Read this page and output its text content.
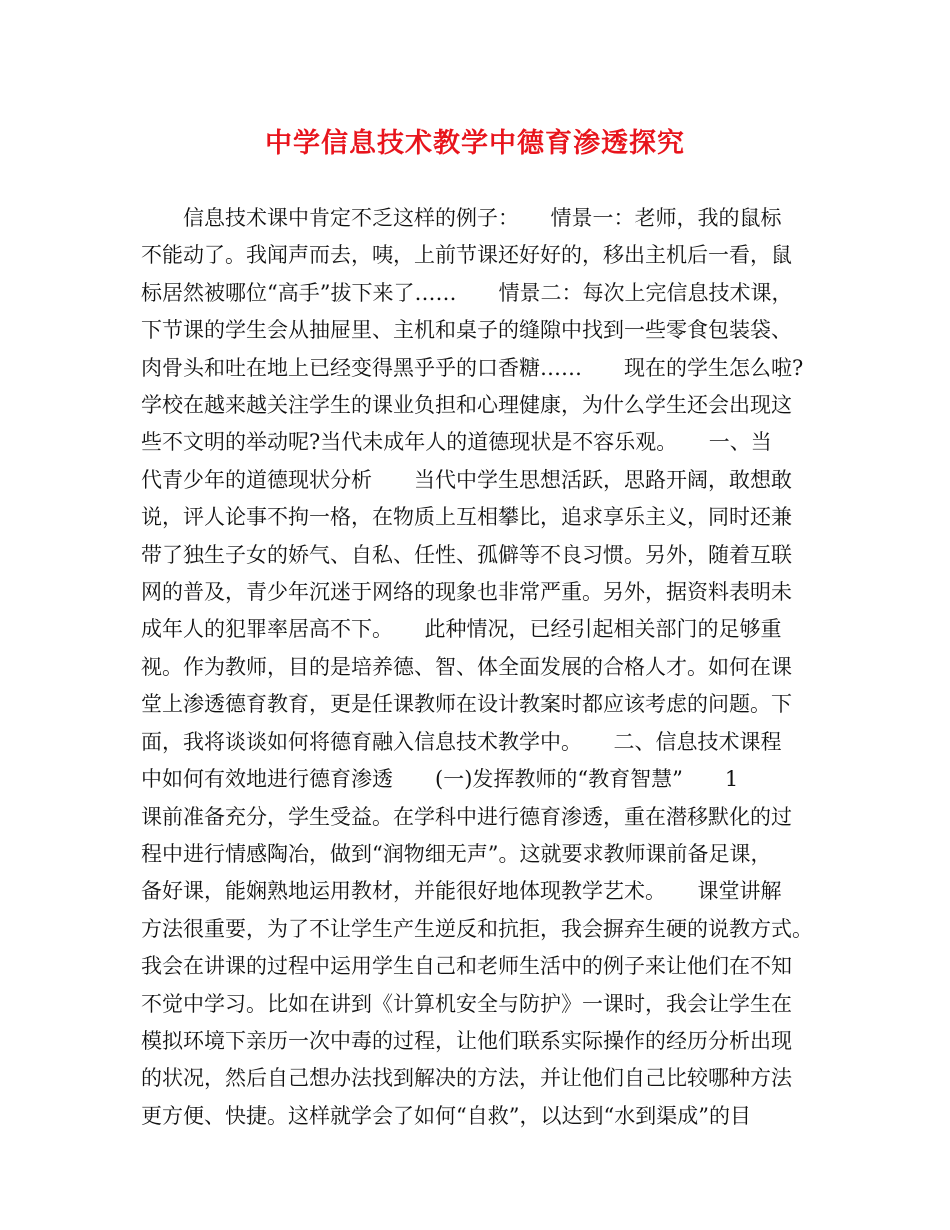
中学信息技术教学中德育渗透探究
　　信息技术课中肯定不乏这样的例子：　　情景一：老师，我的鼠标
不能动了。我闻声而去，咦，上前节课还好好的，移出主机后一看，鼠
标居然被哪位“高手”拔下来了……　　情景二：每次上完信息技术课，
下节课的学生会从抽屉里、主机和桌子的缝隙中找到一些零食包装袋、
肉骨头和吐在地上已经变得黑乎乎的口香糖……　　现在的学生怎么啦?
学校在越来越关注学生的课业负担和心理健康，为什么学生还会出现这
些不文明的举动呢?当代未成年人的道德现状是不容乐观。　　一、当
代青少年的道德现状分析　　当代中学生思想活跃，思路开阔，敢想敢
说，评人论事不拘一格，在物质上互相攀比，追求享乐主义，同时还兼
带了独生子女的娇气、自私、任性、孤僻等不良习惯。另外，随着互联
网的普及，青少年沉迷于网络的现象也非常严重。另外，据资料表明未
成年人的犯罪率居高不下。　　此种情况，已经引起相关部门的足够重
视。作为教师，目的是培养德、智、体全面发展的合格人才。如何在课
堂上渗透德育教育，更是任课教师在设计教案时都应该考虑的问题。下
面，我将谈谈如何将德育融入信息技术教学中。　　二、信息技术课程
中如何有效地进行德育渗透　　(一)发挥教师的“教育智慧”　　1
课前准备充分，学生受益。在学科中进行德育渗透，重在潜移默化的过
程中进行情感陶冶，做到“润物细无声”。这就要求教师课前备足课，
备好课，能娴熟地运用教材，并能很好地体现教学艺术。　　课堂讲解
方法很重要，为了不让学生产生逆反和抗拒，我会摒弃生硬的说教方式。
我会在讲课的过程中运用学生自己和老师生活中的例子来让他们在不知
不觉中学习。比如在讲到《计算机安全与防护》一课时，我会让学生在
模拟环境下亲历一次中毒的过程，让他们联系实际操作的经历分析出现
的状况，然后自己想办法找到解决的方法，并让他们自己比较哪种方法
更方便、快捷。这样就学会了如何“自救”，以达到“水到渠成”的目
